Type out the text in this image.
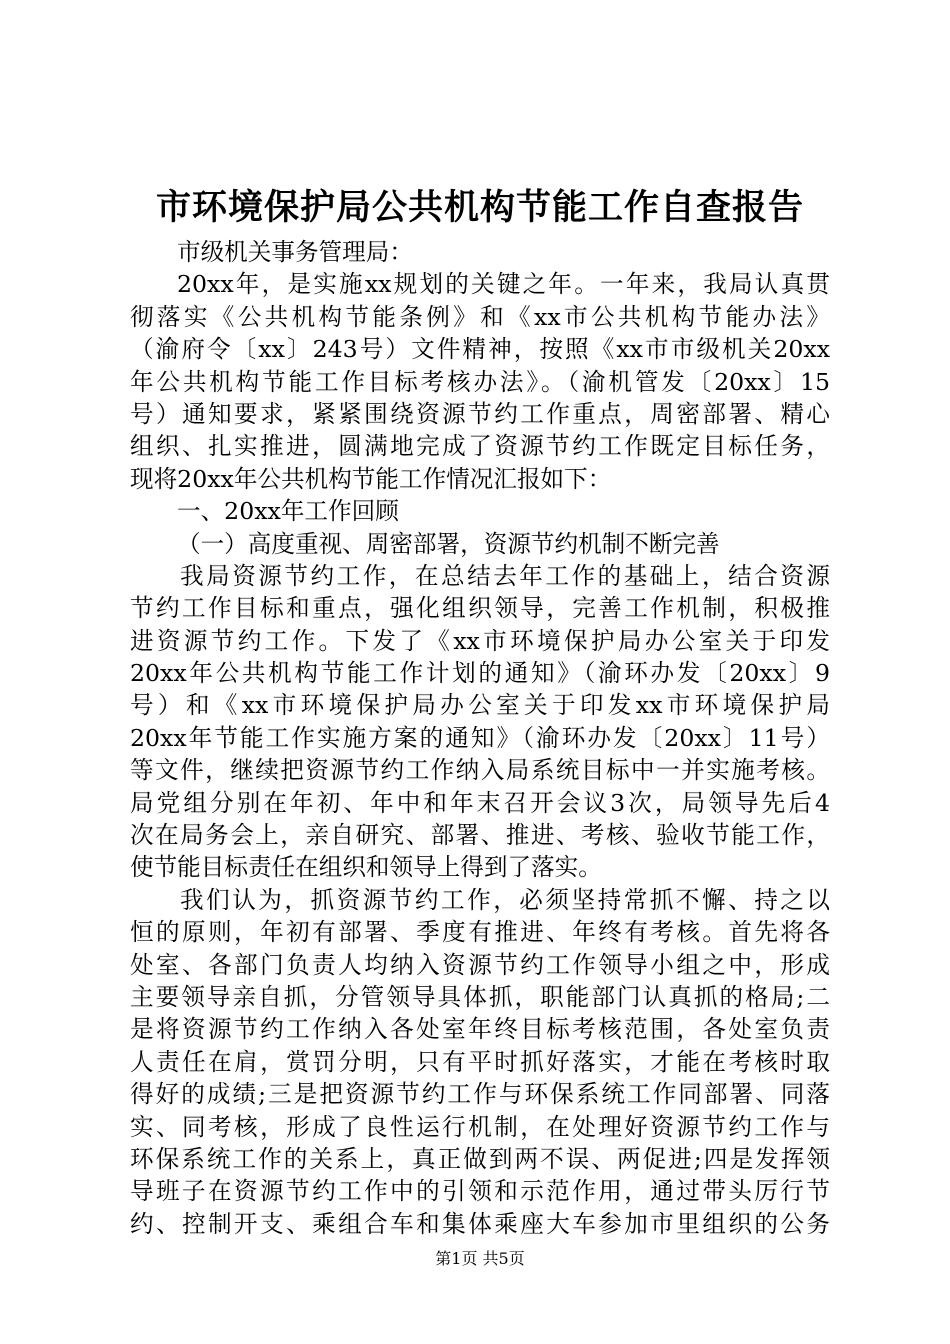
市环境保护局公共机构节能工作自查报告
市级机关事务管理局：
20xx年，是实施xx规划的关键之年。一年来，我局认真贯
彻落实《公共机构节能条例》和《xx市公共机构节能办法》
（渝府令〔xx〕243号）文件精神，按照《xx市市级机关20xx
年公共机构节能工作目标考核办法》。（渝机管发〔20xx〕15
号）通知要求，紧紧围绕资源节约工作重点，周密部署、精心
组织、扎实推进，圆满地完成了资源节约工作既定目标任务，
现将20xx年公共机构节能工作情况汇报如下：
一、20xx年工作回顾
（一）高度重视、周密部署，资源节约机制不断完善
我局资源节约工作，在总结去年工作的基础上，结合资源
节约工作目标和重点，强化组织领导，完善工作机制，积极推
进资源节约工作。下发了《xx市环境保护局办公室关于印发
20xx年公共机构节能工作计划的通知》（渝环办发〔20xx〕9
号）和《xx市环境保护局办公室关于印发xx市环境保护局
20xx年节能工作实施方案的通知》（渝环办发〔20xx〕11号）
等文件，继续把资源节约工作纳入局系统目标中一并实施考核。
局党组分别在年初、年中和年末召开会议3次，局领导先后4
次在局务会上，亲自研究、部署、推进、考核、验收节能工作，
使节能目标责任在组织和领导上得到了落实。
我们认为，抓资源节约工作，必须坚持常抓不懈、持之以
恒的原则，年初有部署、季度有推进、年终有考核。首先将各
处室、各部门负责人均纳入资源节约工作领导小组之中，形成
主要领导亲自抓，分管领导具体抓，职能部门认真抓的格局;二
是将资源节约工作纳入各处室年终目标考核范围，各处室负责
人责任在肩，赏罚分明，只有平时抓好落实，才能在考核时取
得好的成绩;三是把资源节约工作与环保系统工作同部署、同落
实、同考核，形成了良性运行机制，在处理好资源节约工作与
环保系统工作的关系上，真正做到两不误、两促进;四是发挥领
导班子在资源节约工作中的引领和示范作用，通过带头厉行节
约、控制开支、乘组合车和集体乘座大车参加市里组织的公务
第1页 共5页
